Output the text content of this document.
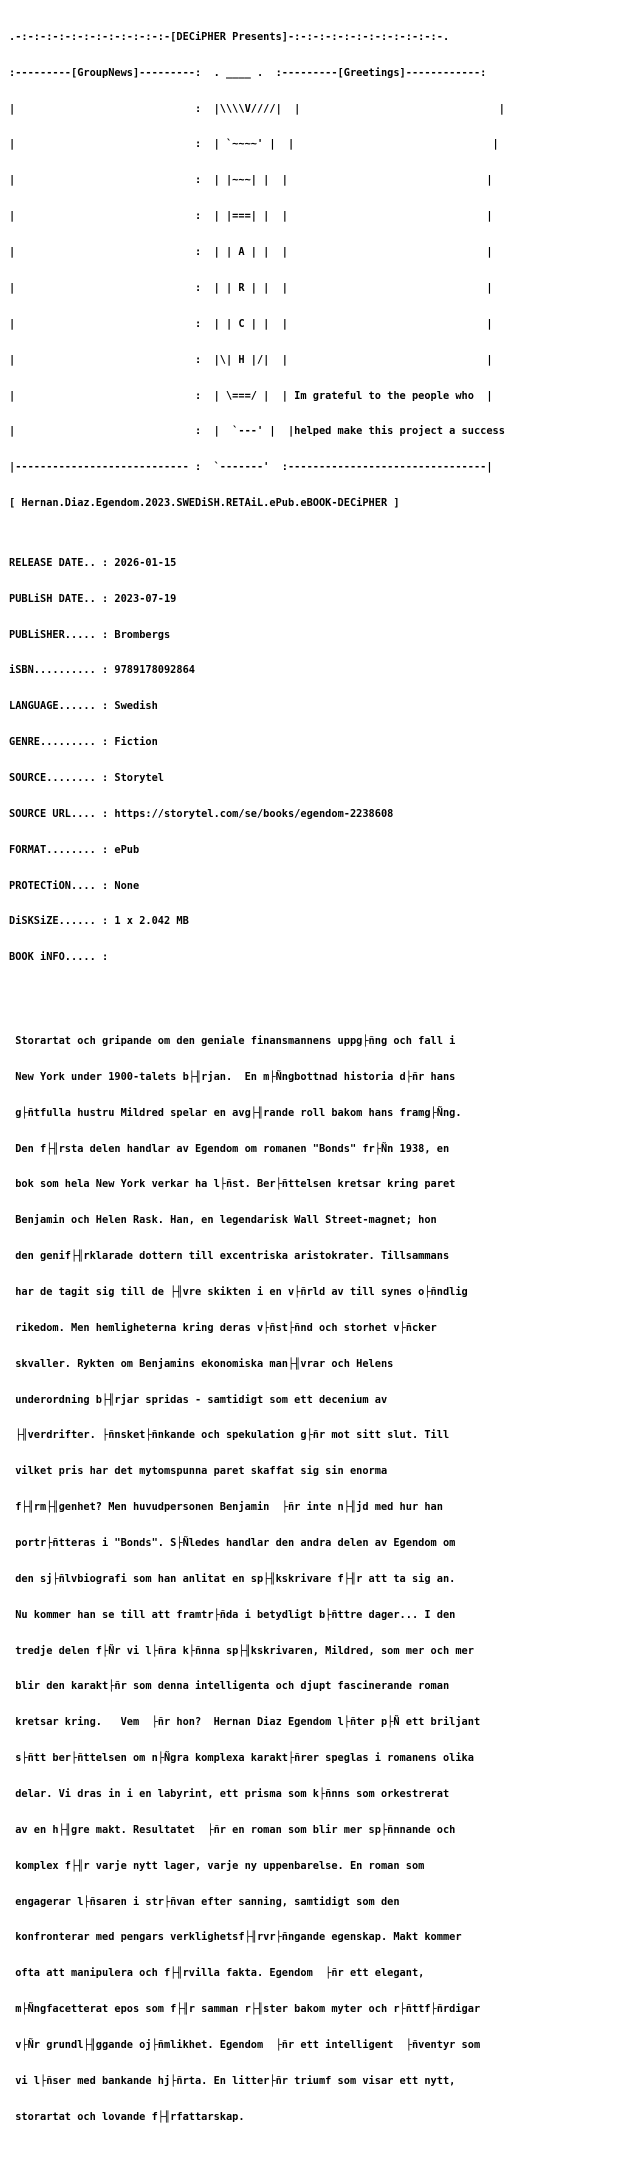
.-:-:-:-:-:-:-:-:-:-:-:-:-[DECiPHER Presents]-:-:-:-:-:-:-:-:-:-:-:-:-.

:---------[GroupNews]---------:  . ____ .  :---------[Greetings]------------:

|                             :  |\\\\V////|  |                                |

|                             :  | `~~~~' |  |                                |

|                             :  | |~~~| |  |                                |

|                             :  | |===| |  |                                |

|                             :  | | A | |  |                                |

|                             :  | | R | |  |                                |

|                             :  | | C | |  |                                |

|                             :  |\| H |/|  |                                |

|                             :  | \===/ |  | Im grateful to the people who  |

|                             :  |  `---' |  |helped make this project a success

|---------------------------- :  `-------'  :--------------------------------|

[ Hernan.Diaz.Egendom.2023.SWEDiSH.RETAiL.ePub.eBOOK-DECiPHER ]

RELEASE DATE.. : 2026-01-15

PUBLiSH DATE.. : 2023-07-19

PUBLiSHER..... : Brombergs

iSBN.......... : 9789178092864

LANGUAGE...... : Swedish

GENRE......... : Fiction

SOURCE........ : Storytel

SOURCE URL.... : https://storytel.com/se/books/egendom-2238608

FORMAT........ : ePub

PROTECTiON.... : None

DiSKSiZE...... : 1 x 2.042 MB

BOOK iNFO..... :

Storartat och gripande om den geniale finansmannens uppg├ñng och fall i

New York under 1900-talets b├╢rjan.  En m├Ñngbottnad historia d├ñr hans

g├ñtfulla hustru Mildred spelar en avg├╢rande roll bakom hans framg├Ñng.

Den f├╢rsta delen handlar av Egendom om romanen "Bonds" fr├Ñn 1938, en

bok som hela New York verkar ha l├ñst. Ber├ñttelsen kretsar kring paret

Benjamin och Helen Rask. Han, en legendarisk Wall Street-magnet; hon

den genif├╢rklarade dottern till excentriska aristokrater. Tillsammans

har de tagit sig till de ├╢vre skikten i en v├ñrld av till synes o├ñndlig

rikedom. Men hemligheterna kring deras v├ñst├ñnd och storhet v├ñcker

skvaller. Rykten om Benjamins ekonomiska man├╢vrar och Helens

underordning b├╢rjar spridas - samtidigt som ett decenium av

├╢verdrifter. ├ñnsket├ñnkande och spekulation g├ñr mot sitt slut. Till

vilket pris har det mytomspunna paret skaffat sig sin enorma

f├╢rm├╢genhet? Men huvudpersonen Benjamin  ├ñr inte n├╢jd med hur han

portr├ñtteras i "Bonds". S├Ñledes handlar den andra delen av Egendom om

den sj├ñlvbiografi som han anlitat en sp├╢kskrivare f├╢r att ta sig an.

Nu kommer han se till att framtr├ñda i betydligt b├ñttre dager... I den

tredje delen f├Ñr vi l├ñra k├ñnna sp├╢kskrivaren, Mildred, som mer och mer

blir den karakt├ñr som denna intelligenta och djupt fascinerande roman

kretsar kring.   Vem  ├ñr hon?  Hernan Diaz Egendom l├ñter p├Ñ ett briljant

s├ñtt ber├ñttelsen om n├Ñgra komplexa karakt├ñrer speglas i romanens olika

delar. Vi dras in i en labyrint, ett prisma som k├ñnns som orkestrerat

av en h├╢gre makt. Resultatet  ├ñr en roman som blir mer sp├ñnnande och

komplex f├╢r varje nytt lager, varje ny uppenbarelse. En roman som

engagerar l├ñsaren i str├ñvan efter sanning, samtidigt som den

konfronterar med pengars verklighetsf├╢rvr├ñngande egenskap. Makt kommer

ofta att manipulera och f├╢rvilla fakta. Egendom  ├ñr ett elegant,

m├Ñngfacetterat epos som f├╢r samman r├╢ster bakom myter och r├ñttf├ñrdigar

v├Ñr grundl├╢ggande oj├ñmlikhet. Egendom  ├ñr ett intelligent  ├ñventyr som

vi l├ñser med bankande hj├ñrta. En litter├ñr triumf som visar ett nytt,

storartat och lovande f├╢rfattarskap.
